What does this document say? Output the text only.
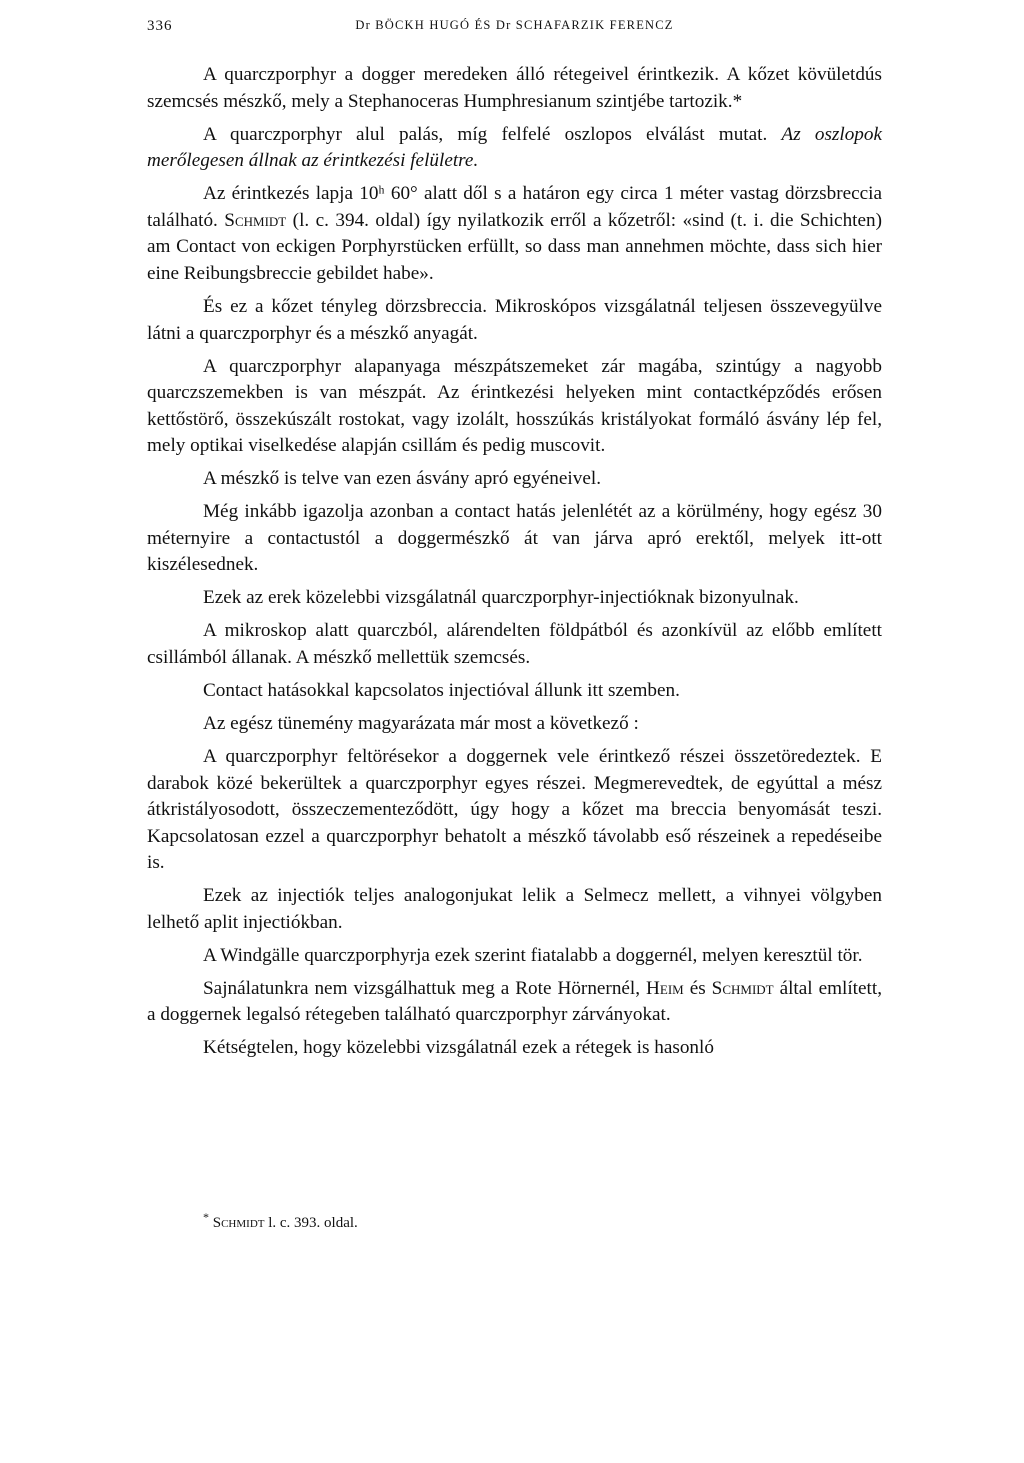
336	Dr BÖCKH HUGÓ ÉS Dr SCHAFARZIK FERENCZ

A quarczporphyr a dogger meredeken álló rétegeivel érintkezik. A kőzet kövületdús szemcsés mészkő, mely a Stephanoceras Humphresianum szintjébe tartozik.*

A quarczporphyr alul palás, míg felfelé oszlopos elválást mutat. Az oszlopok merőlegesen állnak az érintkezési felületre.

Az érintkezés lapja 10ʰ 60° alatt dől s a határon egy circa 1 méter vastag dörzsbreccia található. Schmidt (l. c. 394. oldal) így nyilatkozik erről a kőzetről: «sind (t. i. die Schichten) am Contact von eckigen Porphyrstücken erfüllt, so dass man annehmen möchte, dass sich hier eine Reibungsbreccie gebildet habe».

És ez a kőzet tényleg dörzsbreccia. Mikroskópos vizsgálatnál teljesen összevegyülve látni a quarczporphyr és a mészkő anyagát.

A quarczporphyr alapanyaga mészpátszemeket zár magába, szintúgy a nagyobb quarczszemekben is van mészpát. Az érintkezési helyeken mint contactképződés erősen kettőstörő, összekúszált rostokat, vagy izolált, hosszúkás kristályokat formáló ásvány lép fel, mely optikai viselkedése alapján csillám és pedig muscovit.

A mészkő is telve van ezen ásvány apró egyéneivel.

Még inkább igazolja azonban a contact hatás jelenlétét az a körülmény, hogy egész 30 méternyire a contactustól a doggermészkő át van járva apró erektől, melyek itt-ott kiszélesednek.

Ezek az erek közelebbi vizsgálatnál quarczporphyr-injectióknak bizonyulnak.

A mikroskop alatt quarczból, alárendelten földpátból és azonkívül az előbb említett csillámból állanak. A mészkő mellettük szemcsés.

Contact hatásokkal kapcsolatos injectióval állunk itt szemben.

Az egész tünemény magyarázata már most a következő :

A quarczporphyr feltörésekor a doggernek vele érintkező részei összetöredeztek. E darabok közé bekerültek a quarczporphyr egyes részei. Megmerevedtek, de egyúttal a mész átkristályosodott, összeczementeződött, úgy hogy a kőzet ma breccia benyomását teszi. Kapcsolatosan ezzel a quarczporphyr behatolt a mészkő távolabb eső részeinek a repedéseibe is.

Ezek az injectiók teljes analogonjukat lelik a Selmecz mellett, a vihnyei völgyben lelhető aplit injectiókban.

A Windgälle quarczporphyrja ezek szerint fiatalabb a doggernél, melyen keresztül tör.

Sajnálatunkra nem vizsgálhattuk meg a Rote Hörnernél, Heim és Schmidt által említett, a doggernek legalsó rétegeben található quarczporphyr zárványokat.

Kétségtelen, hogy közelebbi vizsgálatnál ezek a rétegek is hasonló

* Schmidt l. c. 393. oldal.
